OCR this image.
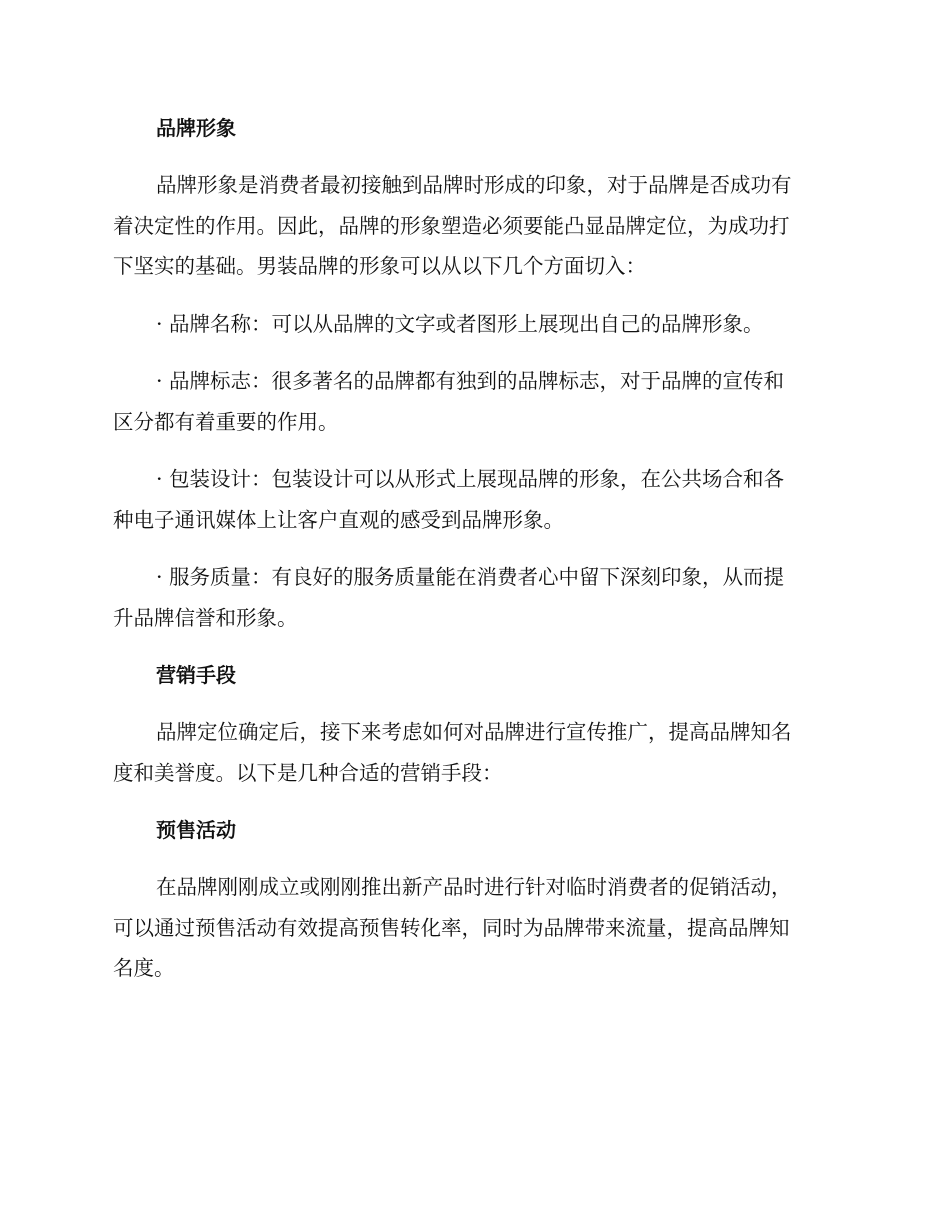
品牌形象
品牌形象是消费者最初接触到品牌时形成的印象，对于品牌是否成功有
着决定性的作用。因此，品牌的形象塑造必须要能凸显品牌定位，为成功打
下坚实的基础。男装品牌的形象可以从以下几个方面切入：
· 品牌名称：可以从品牌的文字或者图形上展现出自己的品牌形象。
· 品牌标志：很多著名的品牌都有独到的品牌标志，对于品牌的宣传和
区分都有着重要的作用。
· 包装设计：包装设计可以从形式上展现品牌的形象，在公共场合和各
种电子通讯媒体上让客户直观的感受到品牌形象。
· 服务质量：有良好的服务质量能在消费者心中留下深刻印象，从而提
升品牌信誉和形象。
营销手段
品牌定位确定后，接下来考虑如何对品牌进行宣传推广，提高品牌知名
度和美誉度。以下是几种合适的营销手段：
预售活动
在品牌刚刚成立或刚刚推出新产品时进行针对临时消费者的促销活动，
可以通过预售活动有效提高预售转化率，同时为品牌带来流量，提高品牌知
名度。
